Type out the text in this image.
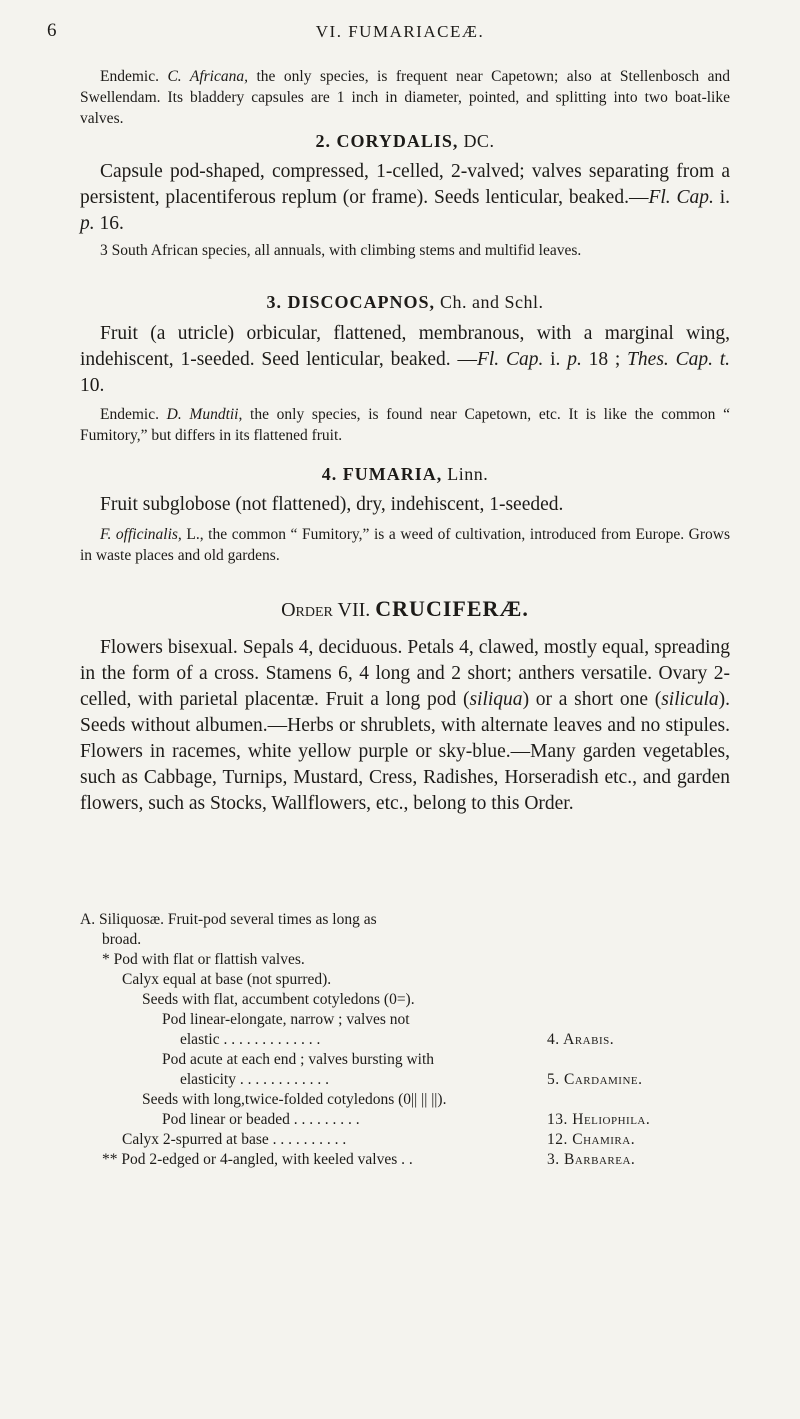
6	VI. FUMARIACEÆ.

Endemic. C. Africana, the only species, is frequent near Capetown; also at Stellenbosch and Swellendam. Its bladdery capsules are 1 inch in diameter, pointed, and splitting into two boat-like valves.

2. CORYDALIS, DC.

Capsule pod-shaped, compressed, 1-celled, 2-valved; valves separating from a persistent, placentiferous replum (or frame). Seeds lenticular, beaked.—Fl. Cap. i. p. 16.

3 South African species, all annuals, with climbing stems and multifid leaves.

3. DISCOCAPNOS, Ch. and Schl.

Fruit (a utricle) orbicular, flattened, membranous, with a marginal wing, indehiscent, 1-seeded. Seed lenticular, beaked. —Fl. Cap. i. p. 18 ; Thes. Cap. t. 10.

Endemic. D. Mundtii, the only species, is found near Capetown, etc. It is like the common “ Fumitory,” but differs in its flattened fruit.

4. FUMARIA, Linn.

Fruit subglobose (not flattened), dry, indehiscent, 1-seeded.

F. officinalis, L., the common “ Fumitory,” is a weed of cultivation, introduced from Europe. Grows in waste places and old gardens.

Order VII. CRUCIFERÆ.

Flowers bisexual. Sepals 4, deciduous. Petals 4, clawed, mostly equal, spreading in the form of a cross. Stamens 6, 4 long and 2 short; anthers versatile. Ovary 2-celled, with parietal placentæ. Fruit a long pod (siliqua) or a short one (silicula). Seeds without albumen.—Herbs or shrublets, with alternate leaves and no stipules. Flowers in racemes, white yellow purple or sky-blue.—Many garden vegetables, such as Cabbage, Turnips, Mustard, Cress, Radishes, Horseradish etc., and garden flowers, such as Stocks, Wallflowers, etc., belong to this Order.

A. Siliquosæ. Fruit-pod several times as long as
broad.
* Pod with flat or flattish valves.
Calyx equal at base (not spurred).
Seeds with flat, accumbent cotyledons (0=).
Pod linear-elongate, narrow ; valves not
elastic . . . . . . . . . . . . .	4. Arabis.
Pod acute at each end ; valves bursting with
elasticity . . . . . . . . . . . .	5. Cardamine.
Seeds with long,twice-folded cotyledons (0|| || ||).
Pod linear or beaded . . . . . . . . .	13. Heliophila.
Calyx 2-spurred at base . . . . . . . . . .	12. Chamira.
** Pod 2-edged or 4-angled, with keeled valves . .	3. Barbarea.
